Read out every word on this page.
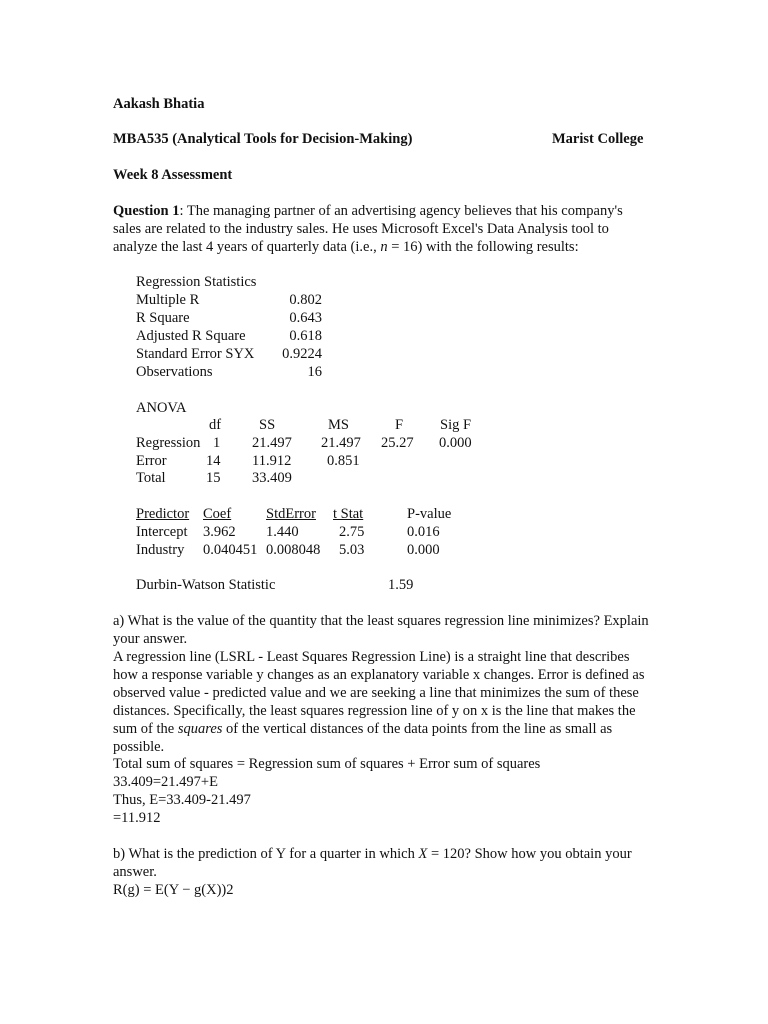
Aakash Bhatia
MBA535 (Analytical Tools for Decision-Making)	Marist College
Week 8 Assessment
Question 1: The managing partner of an advertising agency believes that his company's sales are related to the industry sales. He uses Microsoft Excel's Data Analysis tool to analyze the last 4 years of quarterly data (i.e., n = 16) with the following results:
Regression Statistics
Multiple R	0.802
R Square	0.643
Adjusted R Square	0.618
Standard Error SYX	0.9224
Observations	16
ANOVA
df	SS	MS	F	Sig F
Regression 1 21.497 21.497 25.27 0.000
Error	14 11.912 0.851
Total	15 33.409
Predictor Coef StdError t Stat	P-value
Intercept 3.962 1.440	2.75	0.016
Industry 0.040451 0.008048 5.03	0.000
Durbin-Watson Statistic	1.59
a) What is the value of the quantity that the least squares regression line minimizes? Explain your answer.
A regression line (LSRL - Least Squares Regression Line) is a straight line that describes how a response variable y changes as an explanatory variable x changes. Error is defined as observed value - predicted value and we are seeking a line that minimizes the sum of these distances. Specifically, the least squares regression line of y on x is the line that makes the sum of the squares of the vertical distances of the data points from the line as small as possible.
Total sum of squares = Regression sum of squares + Error sum of squares
33.409=21.497+E
Thus, E=33.409-21.497
=11.912
b) What is the prediction of Y for a quarter in which X = 120? Show how you obtain your answer.
R(g) = E(Y − g(X))2
